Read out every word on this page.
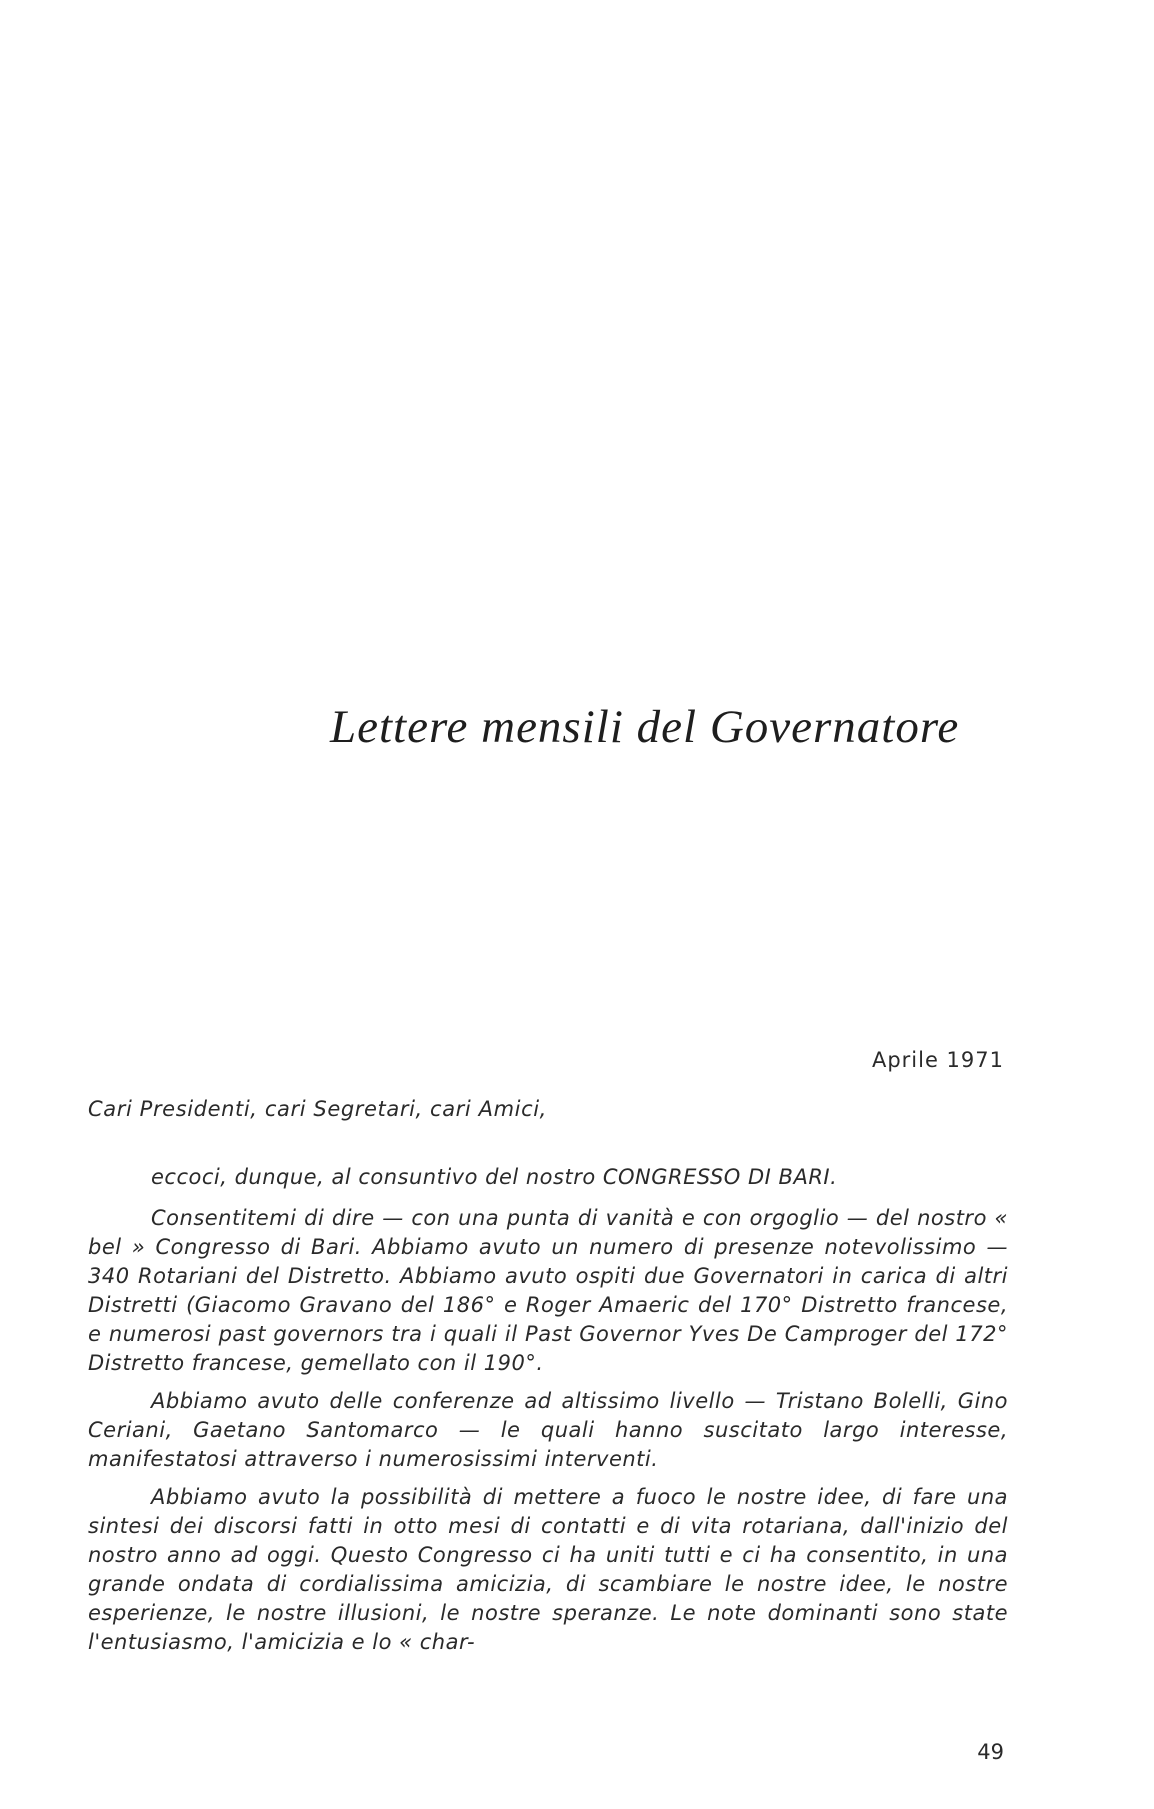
Lettere mensili del Governatore
Aprile 1971
Cari Presidenti, cari Segretari, cari Amici,

eccoci, dunque, al consuntivo del nostro CONGRESSO DI BARI.

Consentitemi di dire — con una punta di vanità e con orgoglio — del nostro « bel » Congresso di Bari. Abbiamo avuto un numero di presenze notevolissimo — 340 Rotariani del Distretto. Abbiamo avuto ospiti due Governatori in carica di altri Distretti (Giacomo Gravano del 186° e Roger Amaeric del 170° Distretto francese, e numerosi past governors tra i quali il Past Governor Yves De Camproger del 172° Distretto francese, gemellato con il 190°.

Abbiamo avuto delle conferenze ad altissimo livello — Tristano Bolelli, Gino Ceriani, Gaetano Santomarco — le quali hanno suscitato largo interesse, manifestatosi attraverso i numerosissimi interventi.

Abbiamo avuto la possibilità di mettere a fuoco le nostre idee, di fare una sintesi dei discorsi fatti in otto mesi di contatti e di vita rotariana, dall'inizio del nostro anno ad oggi. Questo Congresso ci ha uniti tutti e ci ha consentito, in una grande ondata di cordialissima amicizia, di scambiare le nostre idee, le nostre esperienze, le nostre illusioni, le nostre speranze. Le note dominanti sono state l'entusiasmo, l'amicizia e lo « char-

49
